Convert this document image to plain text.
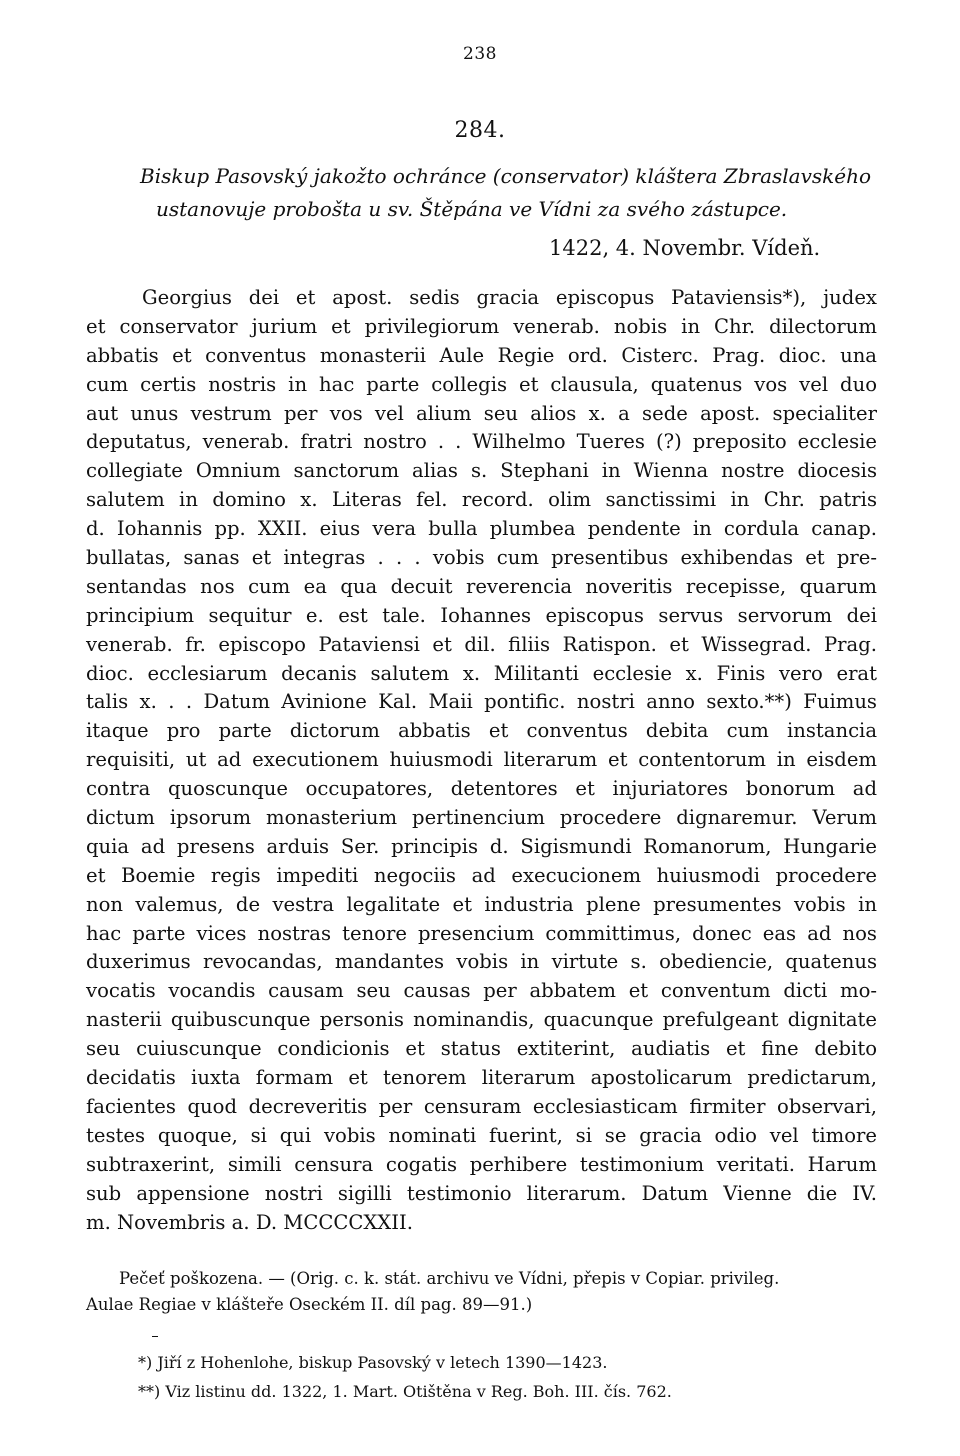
238
284.
Biskup Pasovský jakožto ochránce (conservator) kláštera Zbraslavského
ustanovuje probošta u sv. Štěpána ve Vídni za svého zástupce.
1422, 4. Novembr. Vídeň.
Georgius dei et apost. sedis gracia episcopus Pataviensis*), judex
et conservator jurium et privilegiorum venerab. nobis in Chr. dilectorum
abbatis et conventus monasterii Aule Regie ord. Cisterc. Prag. dioc. una
cum certis nostris in hac parte collegis et clausula, quatenus vos vel duo
aut unus vestrum per vos vel alium seu alios x. a sede apost. specialiter
deputatus, venerab. fratri nostro . . Wilhelmo Tueres (?) preposito ecclesie
collegiate Omnium sanctorum alias s. Stephani in Wienna nostre diocesis
salutem in domino x. Literas fel. record. olim sanctissimi in Chr. patris
d. Iohannis pp. XXII. eius vera bulla plumbea pendente in cordula canap.
bullatas, sanas et integras . . . vobis cum presentibus exhibendas et pre-
sentandas nos cum ea qua decuit reverencia noveritis recepisse, quarum
principium sequitur e. est tale. Iohannes episcopus servus servorum dei
venerab. fr. episcopo Pataviensi et dil. filiis Ratispon. et Wissegrad. Prag.
dioc. ecclesiarum decanis salutem x. Militanti ecclesie x. Finis vero erat
talis x. . . Datum Avinione Kal. Maii pontific. nostri anno sexto.**) Fuimus
itaque pro parte dictorum abbatis et conventus debita cum instancia
requisiti, ut ad executionem huiusmodi literarum et contentorum in eisdem
contra quoscunque occupatores, detentores et injuriatores bonorum ad
dictum ipsorum monasterium pertinencium procedere dignaremur. Verum
quia ad presens arduis Ser. principis d. Sigismundi Romanorum, Hungarie
et Boemie regis impediti negociis ad execucionem huiusmodi procedere
non valemus, de vestra legalitate et industria plene presumentes vobis in
hac parte vices nostras tenore presencium committimus, donec eas ad nos
duxerimus revocandas, mandantes vobis in virtute s. obediencie, quatenus
vocatis vocandis causam seu causas per abbatem et conventum dicti mo-
nasterii quibuscunque personis nominandis, quacunque prefulgeant dignitate
seu cuiuscunque condicionis et status extiterint, audiatis et fine debito
decidatis iuxta formam et tenorem literarum apostolicarum predictarum,
facientes quod decreveritis per censuram ecclesiasticam firmiter observari,
testes quoque, si qui vobis nominati fuerint, si se gracia odio vel timore
subtraxerint, simili censura cogatis perhibere testimonium veritati. Harum
sub appensione nostri sigilli testimonio literarum. Datum Vienne die IV.
m. Novembris a. D. MCCCCXXII.
Pečeť poškozena. — (Orig. c. k. stát. archivu ve Vídni, přepis v Copiar. privileg.
Aulae Regiae v klášteře Oseckém II. díl pag. 89—91.)
*) Jiří z Hohenlohe, biskup Pasovský v letech 1390—1423.
**) Viz listinu dd. 1322, 1. Mart. Otištěna v Reg. Boh. III. čís. 762.
